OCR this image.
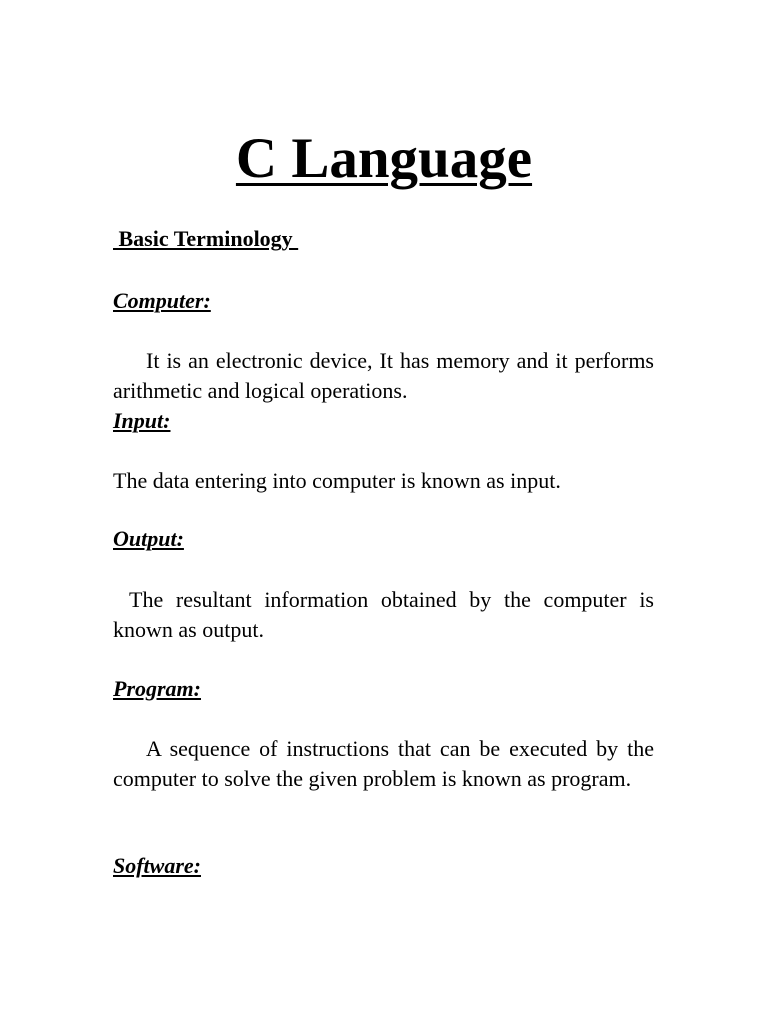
C Language
Basic Terminology
Computer:

It is an electronic device, It has memory and it performs arithmetic and logical operations.

Input:

The data entering into computer is known as input.

Output:

The resultant information obtained by the computer is known as output.

Program:

A sequence of instructions that can be executed by the computer to solve the given problem is known as program.

Software:
